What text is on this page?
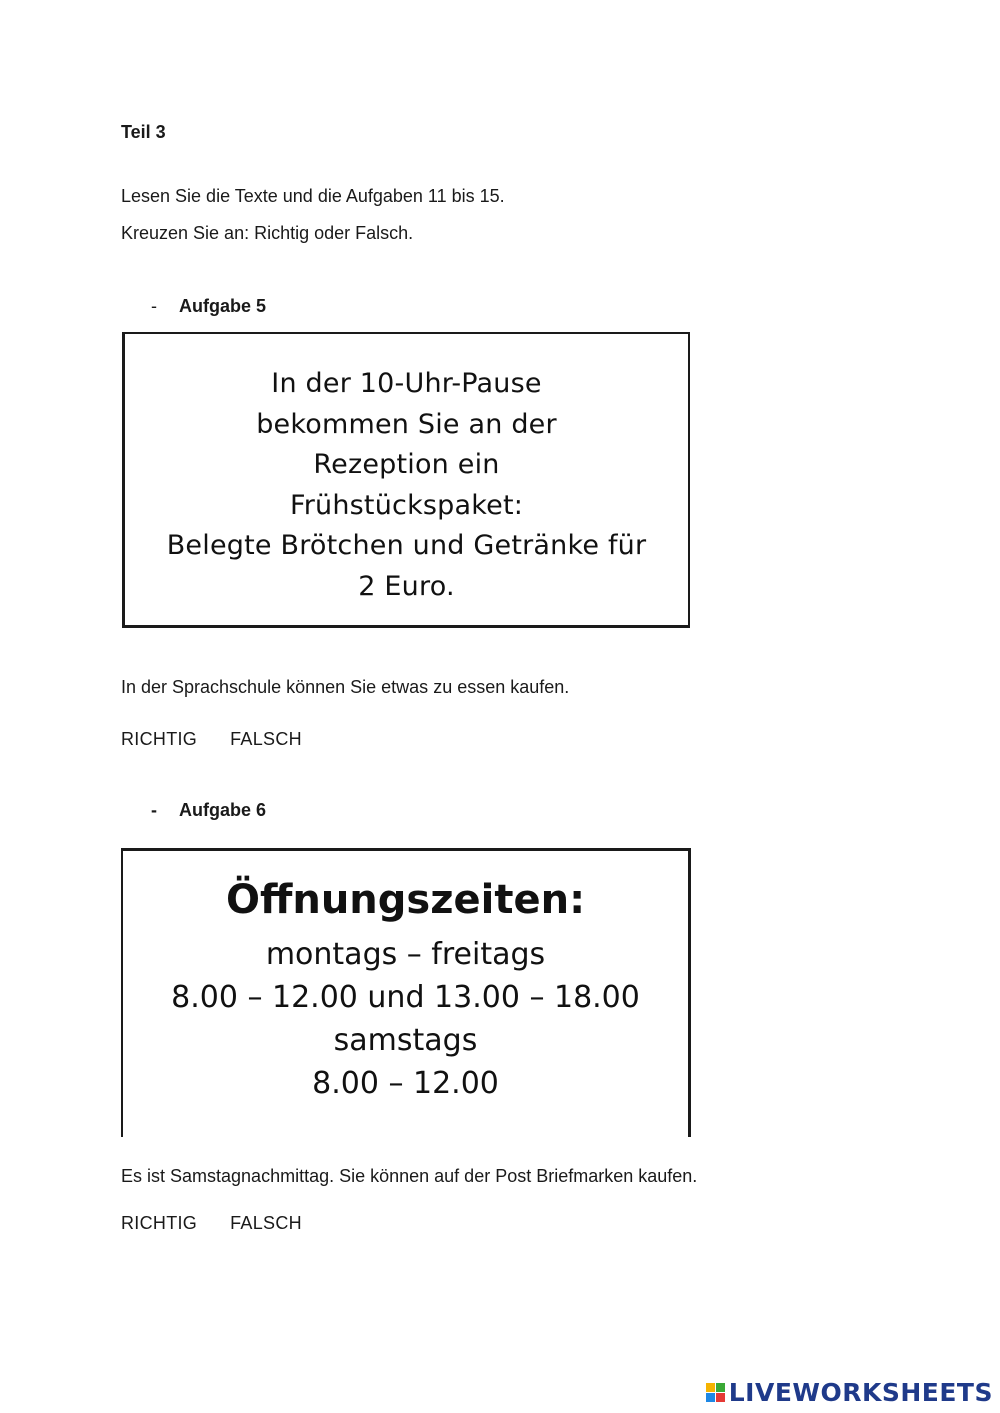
Teil 3
Lesen Sie die Texte und die Aufgaben 11 bis 15.
Kreuzen Sie an: Richtig oder Falsch.
- Aufgabe 5
In der 10-Uhr-Pause
bekommen Sie an der
Rezeption ein
Frühstückspaket:
Belegte Brötchen und Getränke für
2 Euro.
In der Sprachschule können Sie etwas zu essen kaufen.
RICHTIG FALSCH
- Aufgabe 6
Öffnungszeiten:
montags – freitags
8.00 – 12.00 und 13.00 – 18.00
samstags
8.00 – 12.00
Es ist Samstagnachmittag. Sie können auf der Post Briefmarken kaufen.
RICHTIG FALSCH
LIVEWORKSHEETS
